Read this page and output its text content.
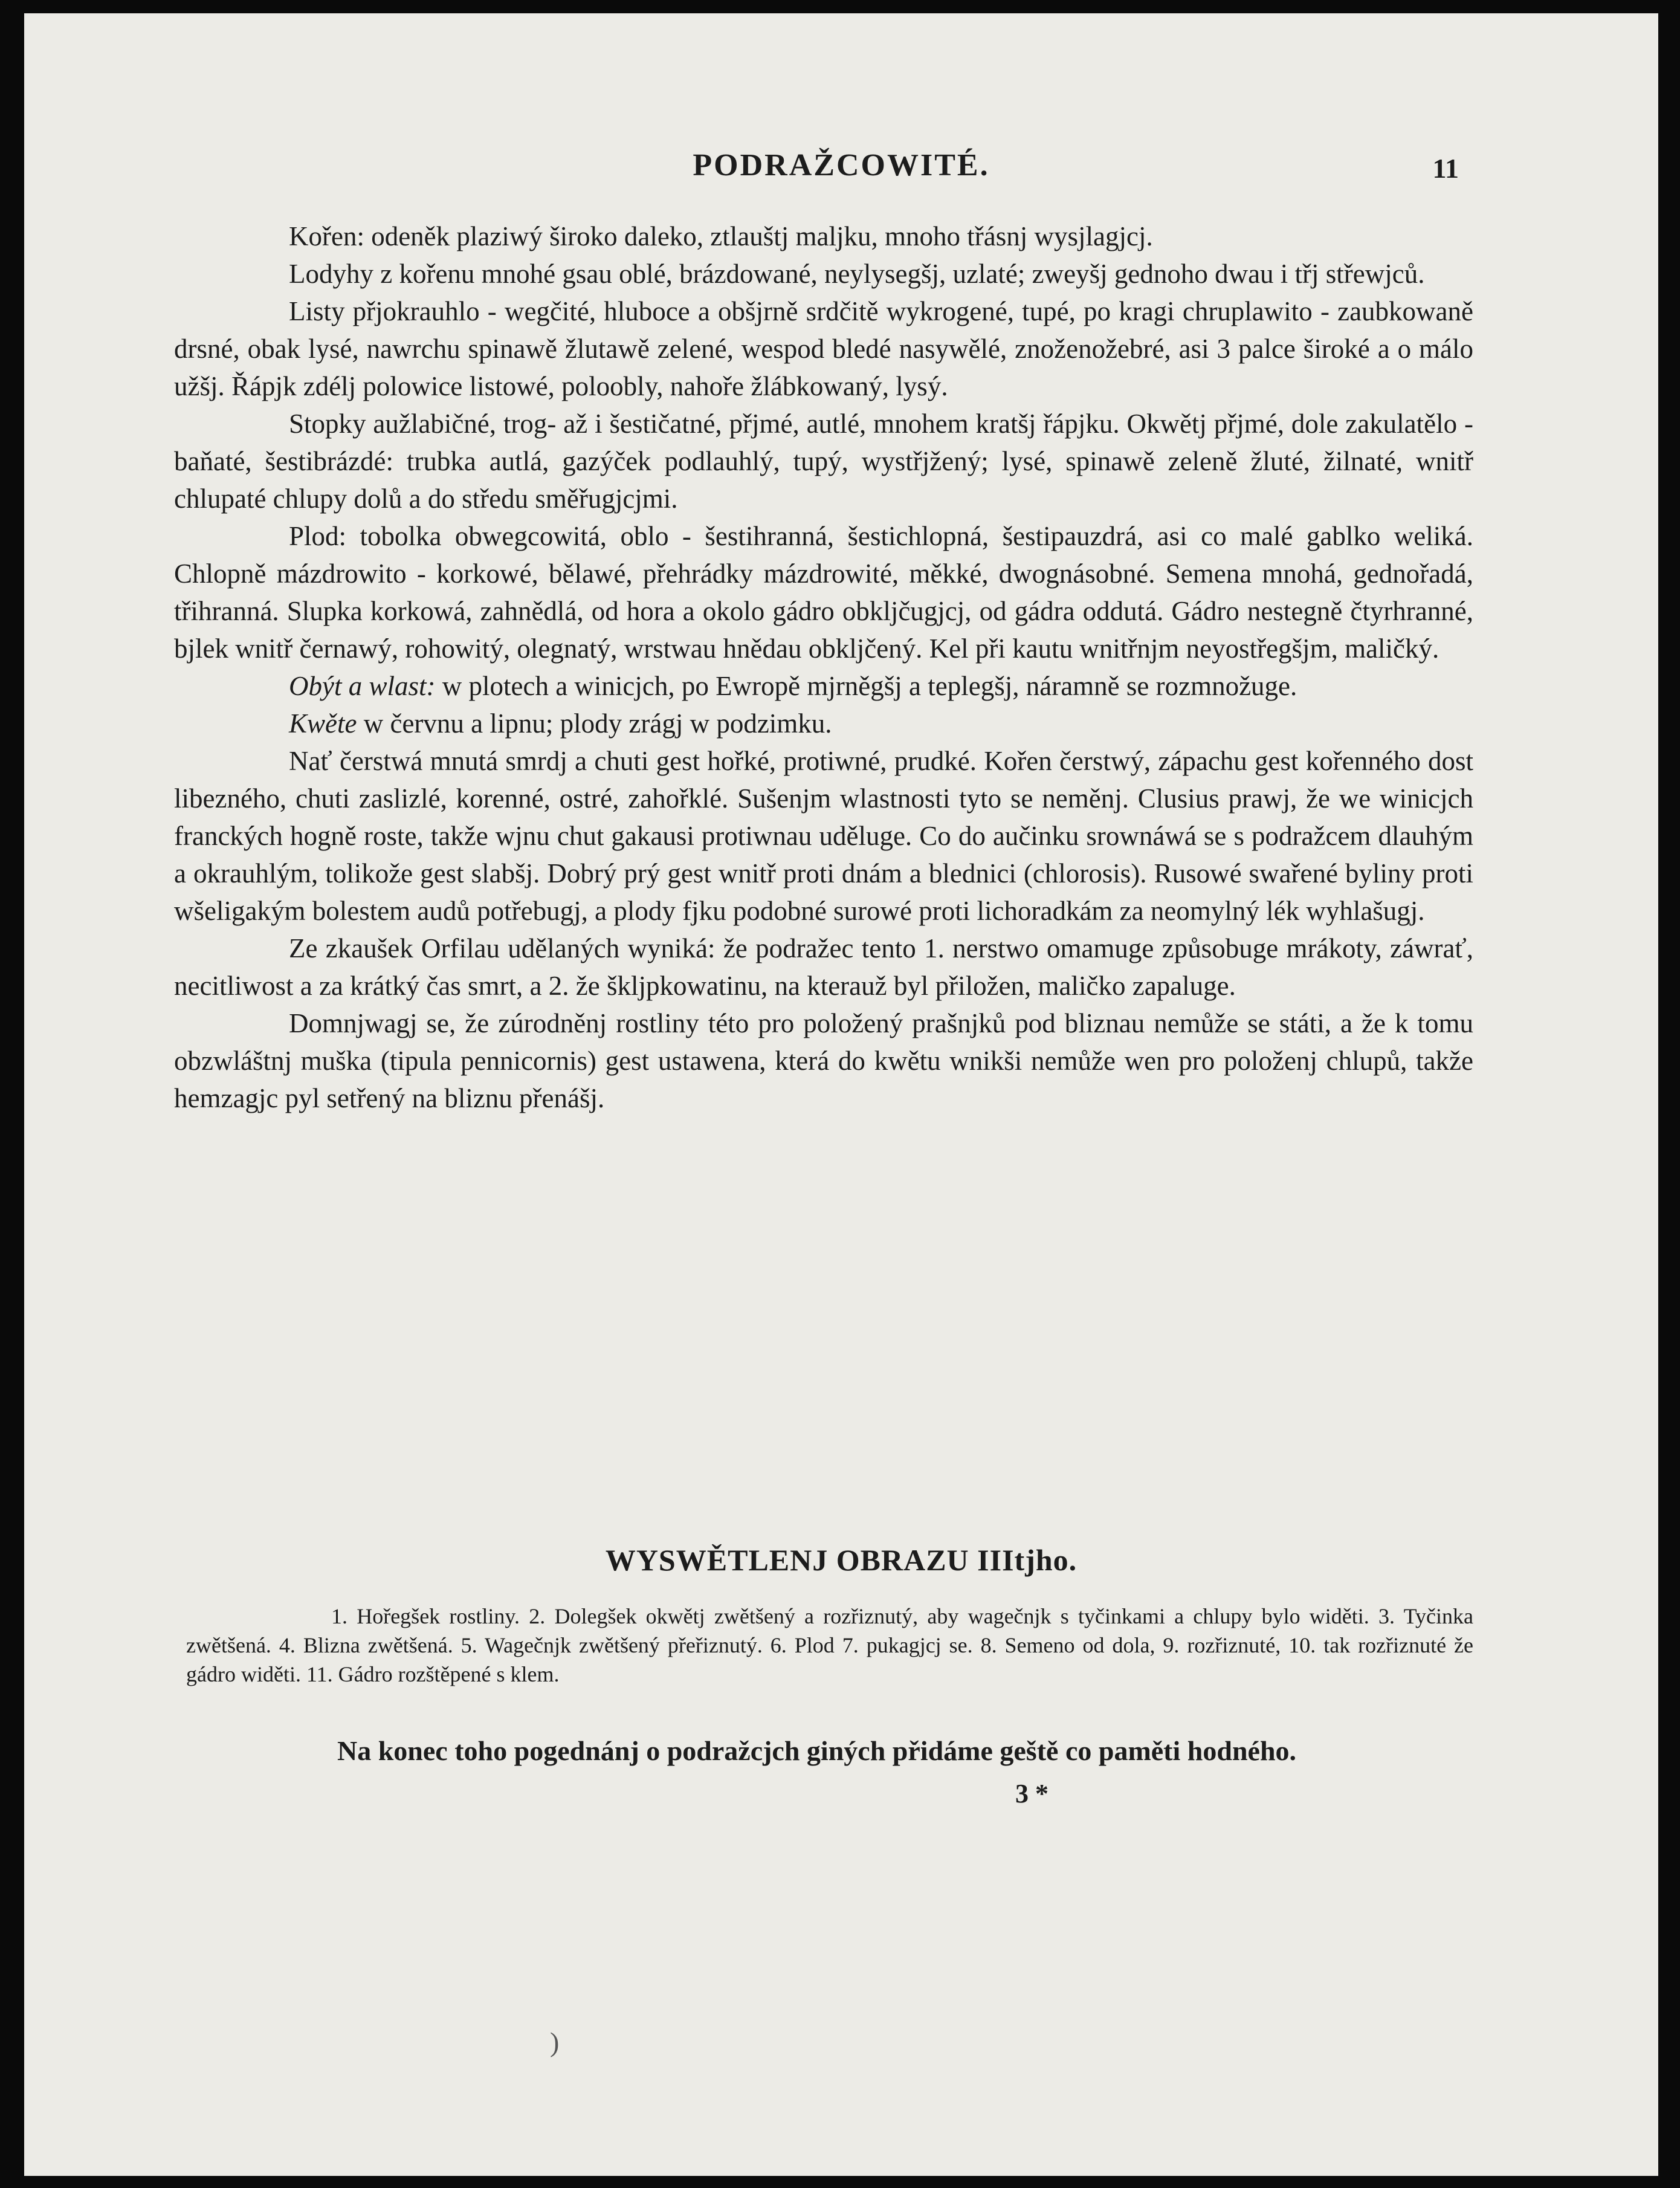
PODRAŽCOWITÉ.	11

Kořen: odeněk plaziwý široko daleko, ztlauštj maljku, mnoho třásnj wysjlagjcj.

Lodyhy z kořenu mnohé gsau oblé, brázdowané, neylysegšj, uzlaté; zweyšj gednoho dwau i třj střewjců.

Listy přjokrauhlo - wegčité, hluboce a obšjrně srdčitě wykrogené, tupé, po kragi chruplawito - zaubkowaně drsné, obak lysé, nawrchu spinawě žlutawě zelené, wespod bledé nasywělé, znoženožebré, asi 3 palce široké a o málo užšj. Řápjk zdélj polowice listowé, poloobly, nahoře žlábkowaný, lysý.

Stopky aužlabičné, trog- až i šestičatné, přjmé, autlé, mnohem kratšj řápjku. Okwětj přjmé, dole zakulatělo - baňaté, šestibrázdé: trubka autlá, gazýček podlauhlý, tupý, wystřjžený; lysé, spinawě zeleně žluté, žilnaté, wnitř chlupaté chlupy dolů a do středu směřugjcjmi.

Plod: tobolka obwegcowitá, oblo - šestihranná, šestichlopná, šestipauzdrá, asi co malé gablko weliká. Chlopně mázdrowito - korkowé, bělawé, přehrádky mázdrowité, měkké, dwognásobné. Semena mnohá, gednořadá, třihranná. Slupka korkowá, zahnědlá, od hora a okolo gádro obkljčugjcj, od gádra oddutá. Gádro nestegně čtyrhranné, bjlek wnitř černawý, rohowitý, olegnatý, wrstwau hnědau obkljčený. Kel při kautu wnitřnjm neyostřegšjm, maličký.

Obýt a wlast: w plotech a winicjch, po Ewropě mjrněgšj a teplegšj, náramně se rozmnožuge.

Kwěte w červnu a lipnu; plody zrágj w podzimku.

Nať čerstwá mnutá smrdj a chuti gest hořké, protiwné, prudké. Kořen čerstwý, zápachu gest kořenného dost libezného, chuti zaslizlé, korenné, ostré, zahořklé. Sušenjm wlastnosti tyto se neměnj. Clusius prawj, že we winicjch franckých hogně roste, takže wjnu chut gakausi protiwnau uděluge. Co do aučinku srownáwá se s podražcem dlauhým a okrauhlým, tolikože gest slabšj. Dobrý prý gest wnitř proti dnám a blednici (chlorosis). Rusowé swařené byliny proti wšeligakým bolestem audů potřebugj, a plody fjku podobné surowé proti lichoradkám za neomylný lék wyhlašugj.

Ze zkaušek Orfilau udělaných wyniká: že podražec tento 1. nerstwo omamuge způsobuge mrákoty, záwrať, necitliwost a za krátký čas smrt, a 2. že škljpkowatinu, na kterauž byl přiložen, maličko zapaluge.

Domnjwagj se, že zúrodněnj rostliny této pro položený prašnjků pod bliznau nemůže se státi, a že k tomu obzwláštnj muška (tipula pennicornis) gest ustawena, která do kwětu wnikši nemůže wen pro položenj chlupů, takže hemzagjc pyl setřený na bliznu přenášj.

WYSWĚTLENJ OBRAZU IIItjho.
1. Hořegšek rostliny. 2. Dolegšek okwětj zwětšený a rozřiznutý, aby wagečnjk s tyčinkami a chlupy bylo widěti. 3. Tyčinka zwětšená. 4. Blizna zwětšená. 5. Wagečnjk zwětšený přeřiznutý. 6. Plod 7. pukagjcj se. 8. Semeno od dola, 9. rozřiznuté, 10. tak rozřiznuté že gádro widěti. 11. Gádro rozštěpené s klem.
Na konec toho pogednánj o podražcjch giných přidáme geště co paměti hodného.
3 *
)
